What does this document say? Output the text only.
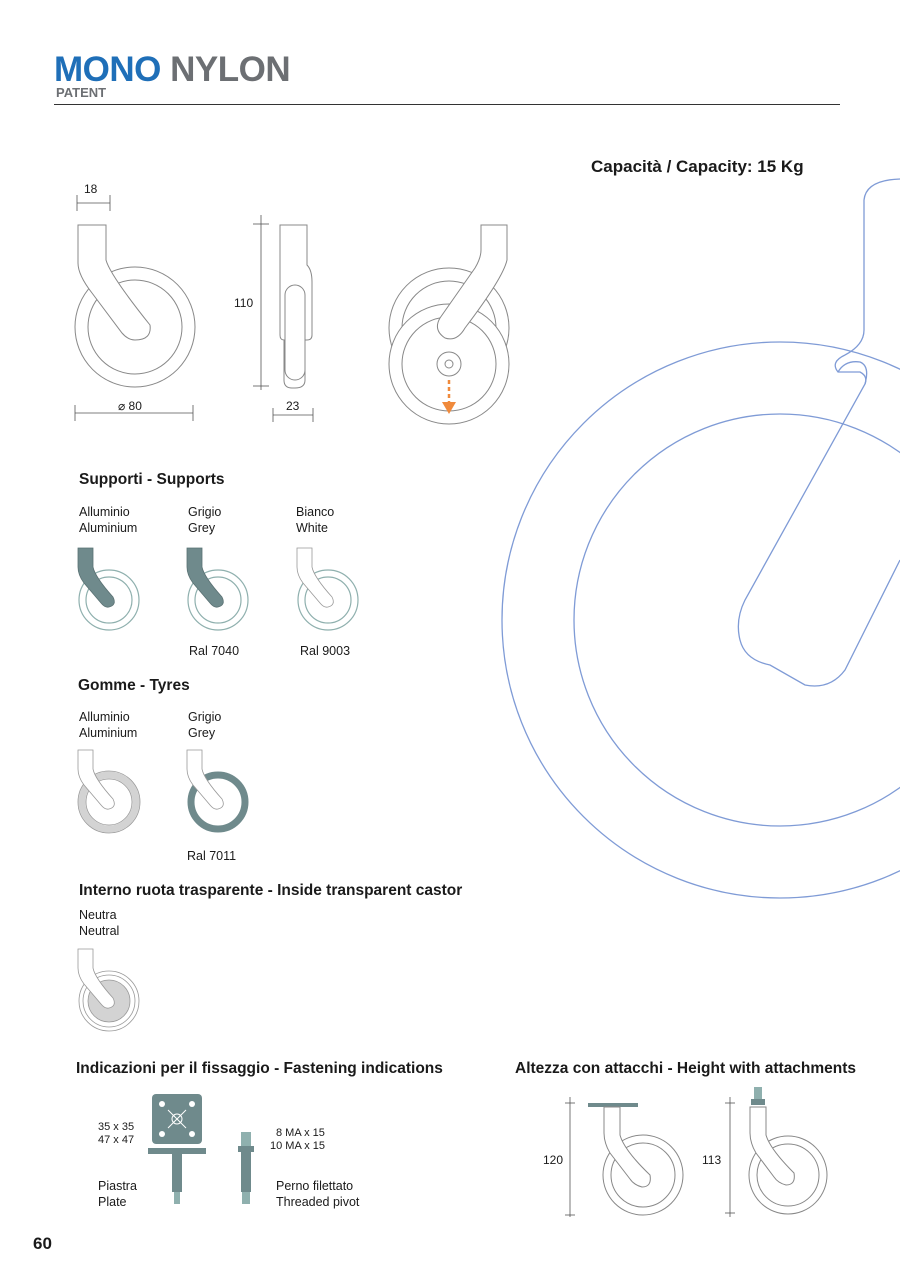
MONO NYLON
PATENT
Capacità / Capacity: 15 Kg
18
⌀ 80
110
23
Supporti - Supports
Alluminio
Aluminium
Grigio
Grey
Bianco
White
Ral 7040	Ral 9003
Gomme - Tyres
Alluminio
Aluminium
Grigio
Grey
Ral 7011
Interno ruota trasparente - Inside transparent castor
Neutra
Neutral
Indicazioni per il fissaggio - Fastening indications
35 x 35
47 x 47
8 MA x 15
10 MA x 15
Piastra
Plate
Perno filettato
Threaded pivot
Altezza con attacchi - Height with attachments
120	113
60
